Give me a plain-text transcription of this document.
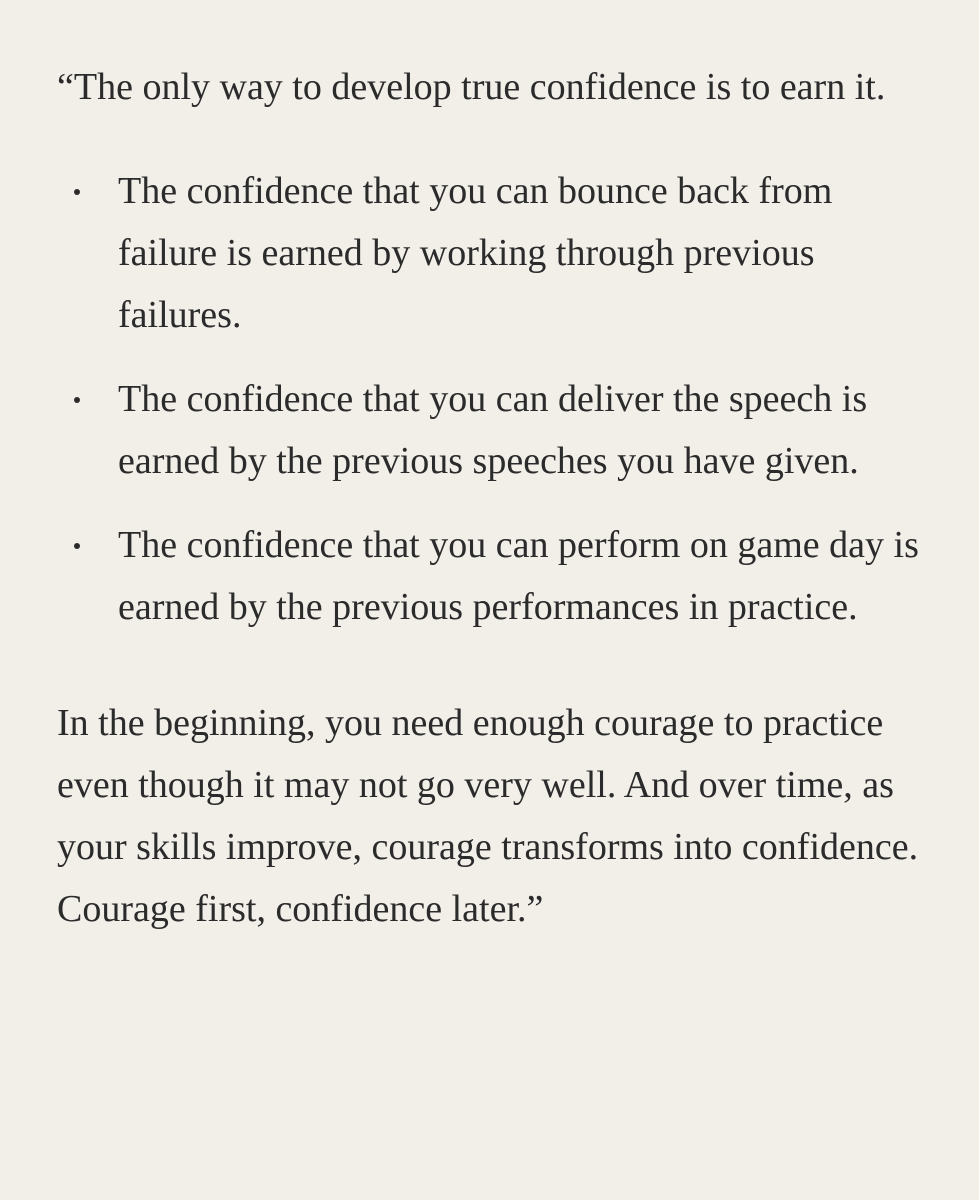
“The only way to develop true confidence is to earn it.

The confidence that you can bounce back from failure is earned by working through previous failures.
The confidence that you can deliver the speech is earned by the previous speeches you have given.
The confidence that you can perform on game day is earned by the previous performances in practice.

In the beginning, you need enough courage to practice even though it may not go very well. And over time, as your skills improve, courage transforms into confidence. Courage first, confidence later.”
